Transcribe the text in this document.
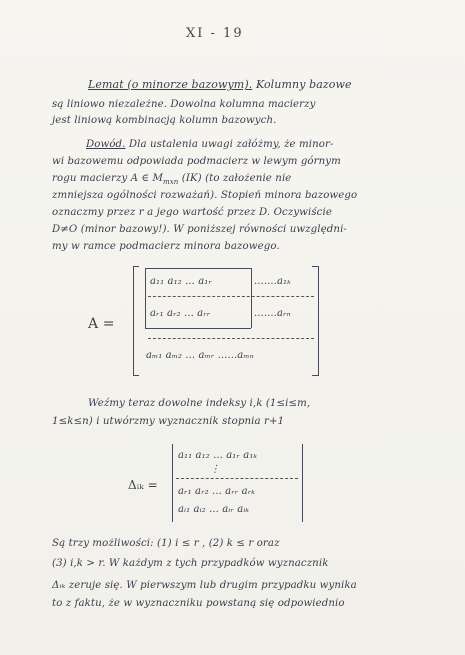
XI - 19
Lemat (o minorze bazowym). Kolumny bazowe
są liniowo niezależne. Dowolna kolumna macierzy
jest liniową kombinacją kolumn bazowych.
Dowód. Dla ustalenia uwagi załóżmy, że minor-
wi bazowemu odpowiada podmacierz w lewym górnym
rogu macierzy A ∈ $M_{mxn}$ (IK) (to założenie nie
zmniejsza ogólności rozważań). Stopień minora bazowego
oznaczmy przez r a jego wartość przez D. Oczywiście
D≠O (minor bazowy!). W poniższej równości uwzględni-
my w ramce podmacierz minora bazowego.
A =
a₁₁ a₁₂ ... a₁ᵣ	.......a₁ₖ
aᵣ₁ aᵣ₂ ... aᵣᵣ	.......aᵣₙ
aₘ₁ aₘ₂ ... aₘᵣ ......aₘₙ
Weźmy teraz dowolne indeksy i,k (1≤i≤m,
1≤k≤n) i utwórzmy wyznacznik stopnia r+1
Δᵢₖ =
a₁₁ a₁₂ ... a₁ᵣ a₁ₖ
⋮
aᵣ₁ aᵣ₂ ... aᵣᵣ aᵣₖ
aᵢ₁ aᵢ₂ ... aᵢᵣ aᵢₖ
Są trzy możliwości: (1) i ≤ r , (2) k ≤ r oraz
(3) i,k > r. W każdym z tych przypadków wyznacznik
Δᵢₖ zeruje się. W pierwszym lub drugim przypadku wynika
to z faktu, że w wyznaczniku powstaną się odpowiednio
